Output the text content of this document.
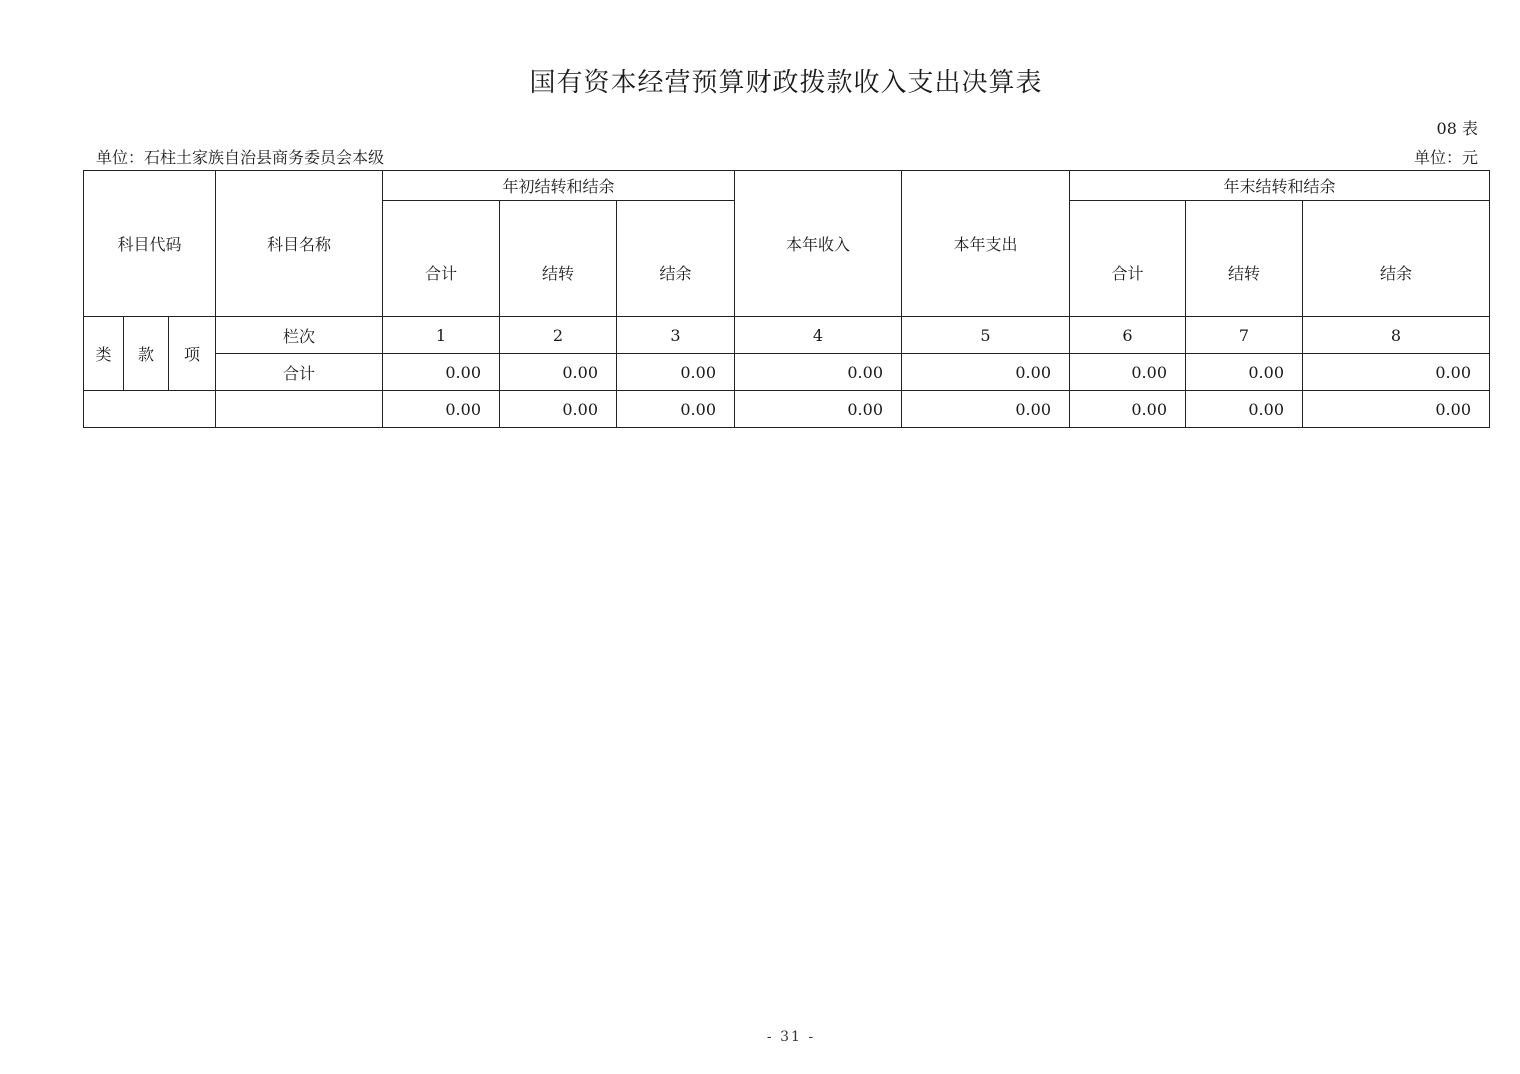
国有资本经营预算财政拨款收入支出决算表
08 表
单位：石柱土家族自治县商务委员会本级	单位：元
科目代码			科目名称	年初结转和结余			本年收入	本年支出	年末结转和结余		
				合计	结转	结余			合计	结转	结余
类	款	项	栏次	1	2	3	4	5	6	7	8
			合计	0.00	0.00	0.00	0.00	0.00	0.00	0.00	0.00
				0.00	0.00	0.00	0.00	0.00	0.00	0.00	0.00
- 31 -
